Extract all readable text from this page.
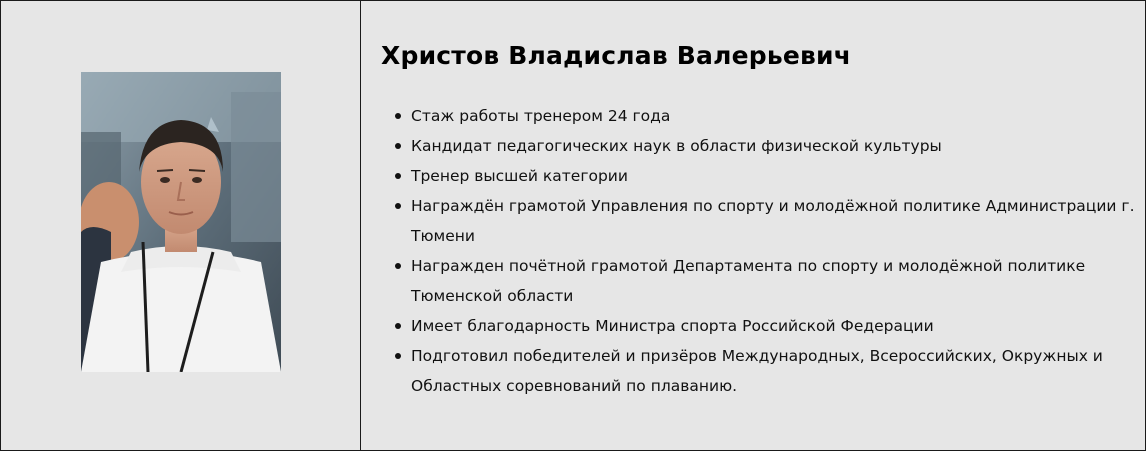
Христов Владислав Валерьевич
Стаж работы тренером 24 года
Кандидат педагогических наук в области физической культуры
Тренер высшей категории
Награждён грамотой Управления по спорту и молодёжной политике Администрации г. Тюмени
Награжден почётной грамотой Департамента по спорту и молодёжной политике Тюменской области
Имеет благодарность Министра спорта Российской Федерации
Подготовил победителей и призёров Международных, Всероссийских, Окружных и Областных соревнований по плаванию.
